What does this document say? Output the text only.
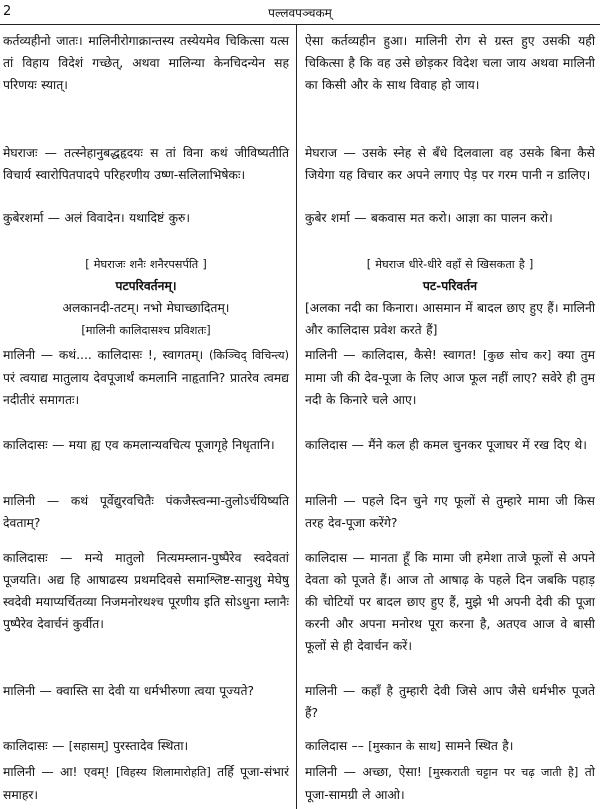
2	पल्लवपञ्चकम्

कर्तव्यहीनो जातः। मालिनीरोगाक्रान्तस्य तस्येयमेव चिकित्सा यत्स तां विहाय विदेशं गच्छेत्, अथवा मालिन्या केनचिदन्येन सह परिणयः स्यात्।

मेघराजः — तत्स्नेहानुबद्धहृदयः स तां विना कथं जीविष्यतीति विचार्य स्वारोपितपादपे परिहरणीय उष्ण-सलिलाभिषेकः।

कुबेरशर्मा — अलं विवादेन। यथादिष्टं कुरु।

[ मेघराजः शनैः शनैरपसर्पति ]

पटपरिवर्तनम्।

अलकानदी-तटम्। नभो मेघाच्छादितम्।

[मालिनी कालिदासश्च प्रविशतः]

मालिनी — कथं.... कालिदासः !, स्वागतम्। (किञ्चिद् विचिन्त्य) परं त्वयाद्य मातुलाय देवपूजार्थं कमलानि नाहृतानि? प्रातरेव त्वमद्य नदीतीरं समागतः।

कालिदासः — मया ह्य एव कमलान्यवचित्य पूजागृहे निधृतानि।

मालिनी — कथं पूर्वेद्युरवचितैः पंकजैस्त्वन्मा-तुलोऽर्चयिष्यति देवताम्?

कालिदासः — मन्ये मातुलो नित्यमम्लान-पुष्पैरेव स्वदेवतां पूजयति। अद्य हि आषाढस्य प्रथमदिवसे समाश्लिष्ट-सानुशु मेघेषु स्वदेवी मयाप्यर्चितव्या निजमनोरथश्च पूरणीय इति सोऽधुना म्लानैः पुष्पैरेव देवार्चनं कुर्वीत।

मालिनी — क्वास्ति सा देवी या धर्मभीरुणा त्वया पूज्यते?

कालिदासः — [सहासम्] पुरस्तादेव स्थिता।

मालिनी — आ! एवम्! [विहस्य शिलामारोहति] तर्हि पूजा-संभारं समाहर।

ऐसा कर्तव्यहीन हुआ। मालिनी रोग से ग्रस्त हुए उसकी यही चिकित्सा है कि वह उसे छोड़कर विदेश चला जाय अथवा मालिनी का किसी और के साथ विवाह हो जाय।

मेघराज — उसके स्नेह से बँधे दिलवाला वह उसके बिना कैसे जियेगा यह विचार कर अपने लगाए पेड़ पर गरम पानी न डालिए।

कुबेर शर्मा — बकवास मत करो। आज्ञा का पालन करो।

[ मेघराज धीरे-धीरे वहाँ से खिसकता है ]

पट-परिवर्तन

[अलका नदी का किनारा। आसमान में बादल छाए हुए हैं। मालिनी और कालिदास प्रवेश करते हैं]

मालिनी — कालिदास, कैसे! स्वागत! [कुछ सोच कर] क्या तुम मामा जी की देव-पूजा के लिए आज फूल नहीं लाए? सवेरे ही तुम नदी के किनारे चले आए।

कालिदास — मैंने कल ही कमल चुनकर पूजाघर में रख दिए थे।

मालिनी — पहले दिन चुने गए फूलों से तुम्हारे मामा जी किस तरह देव-पूजा करेंगे?

कालिदास — मानता हूँ कि मामा जी हमेशा ताजे फूलों से अपने देवता को पूजते हैं। आज तो आषाढ़ के पहले दिन जबकि पहाड़ की चोटियों पर बादल छाए हुए हैं, मुझे भी अपनी देवी की पूजा करनी और अपना मनोरथ पूरा करना है, अतएव आज वे बासी फूलों से ही देवार्चन करें।

मालिनी — कहाँ है तुम्हारी देवी जिसे आप जैसे धर्मभीरु पूजते हैं?

कालिदास –– [मुस्कान के साथ] सामने स्थित है।

मालिनी — अच्छा, ऐसा! [मुस्कराती चट्टान पर चढ़ जाती है] तो पूजा-सामग्री ले आओ।
